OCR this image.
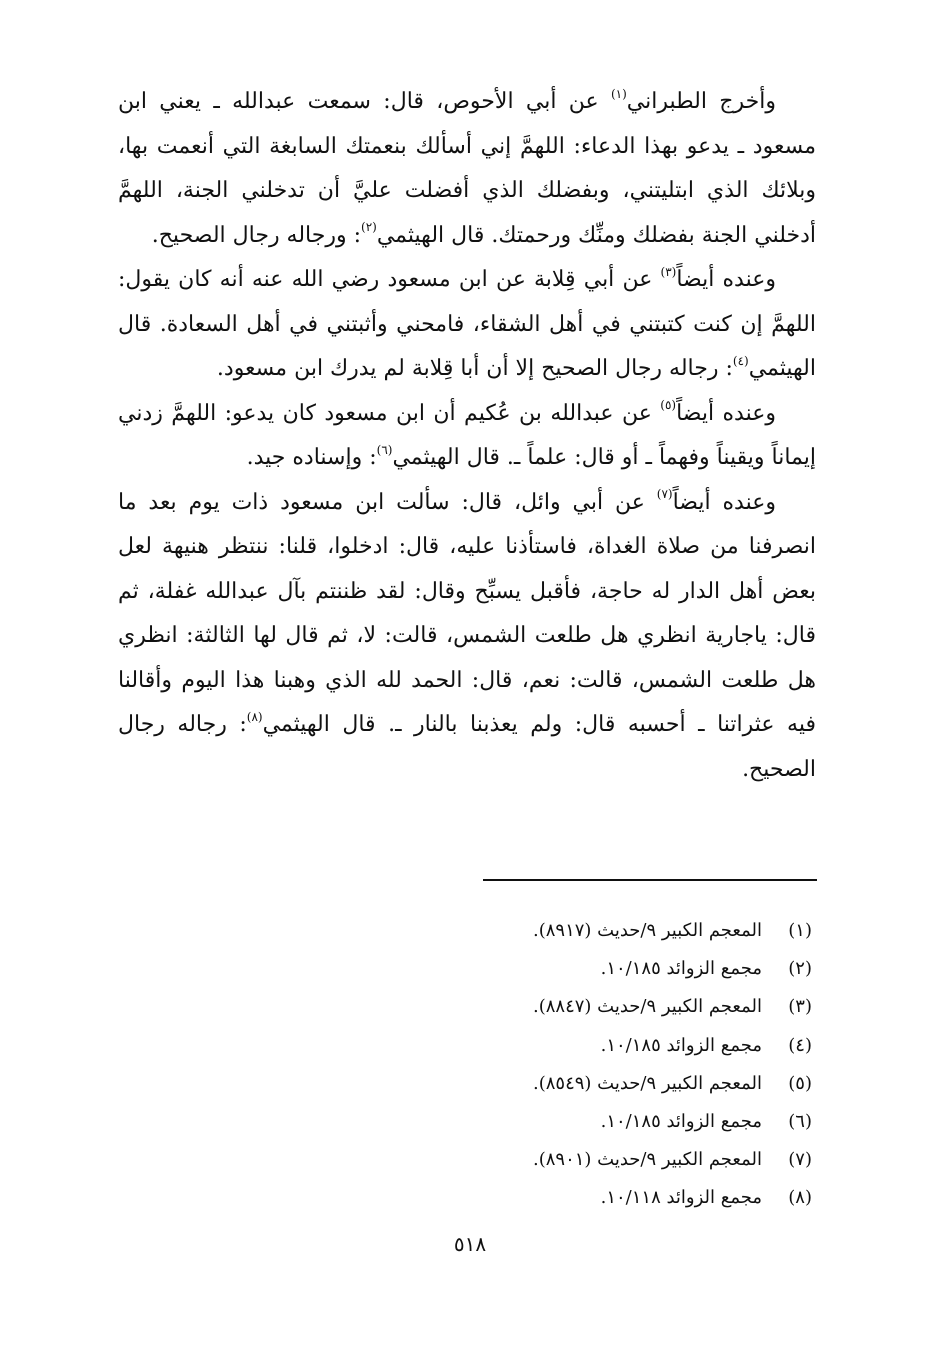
وأخرج الطبراني$^{(١)}$ عن أبي الأحوص، قال: سمعت عبدالله ـ يعني ابن مسعود ـ يدعو بهذا الدعاء: اللهمَّ إني أسألك بنعمتك السابغة التي أنعمت بها، وبلائك الذي ابتليتني، وبفضلك الذي أفضلت عليَّ أن تدخلني الجنة، اللهمَّ أدخلني الجنة بفضلك ومنِّك ورحمتك. قال الهيثمي$^{(٢)}$: ورجاله رجال الصحيح.

وعنده أيضاً$^{(٣)}$ عن أبي قِلابة عن ابن مسعود رضي الله عنه أنه كان يقول: اللهمَّ إن كنت كتبتني في أهل الشقاء، فامحني وأثبتني في أهل السعادة. قال الهيثمي$^{(٤)}$: رجاله رجال الصحيح إلا أن أبا قِلابة لم يدرك ابن مسعود.

وعنده أيضاً$^{(٥)}$ عن عبدالله بن عُكيم أن ابن مسعود كان يدعو: اللهمَّ زدني إيماناً ويقيناً وفهماً ـ أو قال: علماً ـ. قال الهيثمي$^{(٦)}$: وإسناده جيد.

وعنده أيضاً$^{(٧)}$ عن أبي وائل، قال: سألت ابن مسعود ذات يوم بعد ما انصرفنا من صلاة الغداة، فاستأذنا عليه، قال: ادخلوا، قلنا: ننتظر هنيهة لعل بعض أهل الدار له حاجة، فأقبل يسبِّح وقال: لقد ظننتم بآل عبدالله غفلة، ثم قال: ياجارية انظري هل طلعت الشمس، قالت: لا، ثم قال لها الثالثة: انظري هل طلعت الشمس، قالت: نعم، قال: الحمد لله الذي وهبنا هذا اليوم وأقالنا فيه عثراتنا ـ أحسبه قال: ولم يعذبنا بالنار ـ. قال الهيثمي$^{(٨)}$: رجاله رجال الصحيح.

(١)المعجم الكبير ٩/حديث (٨٩١٧).
(٢)مجمع الزوائد ١٠/١٨٥.
(٣)المعجم الكبير ٩/حديث (٨٨٤٧).
(٤)مجمع الزوائد ١٠/١٨٥.
(٥)المعجم الكبير ٩/حديث (٨٥٤٩).
(٦)مجمع الزوائد ١٠/١٨٥.
(٧)المعجم الكبير ٩/حديث (٨٩٠١).
(٨)مجمع الزوائد ١٠/١١٨.
٥١٨
